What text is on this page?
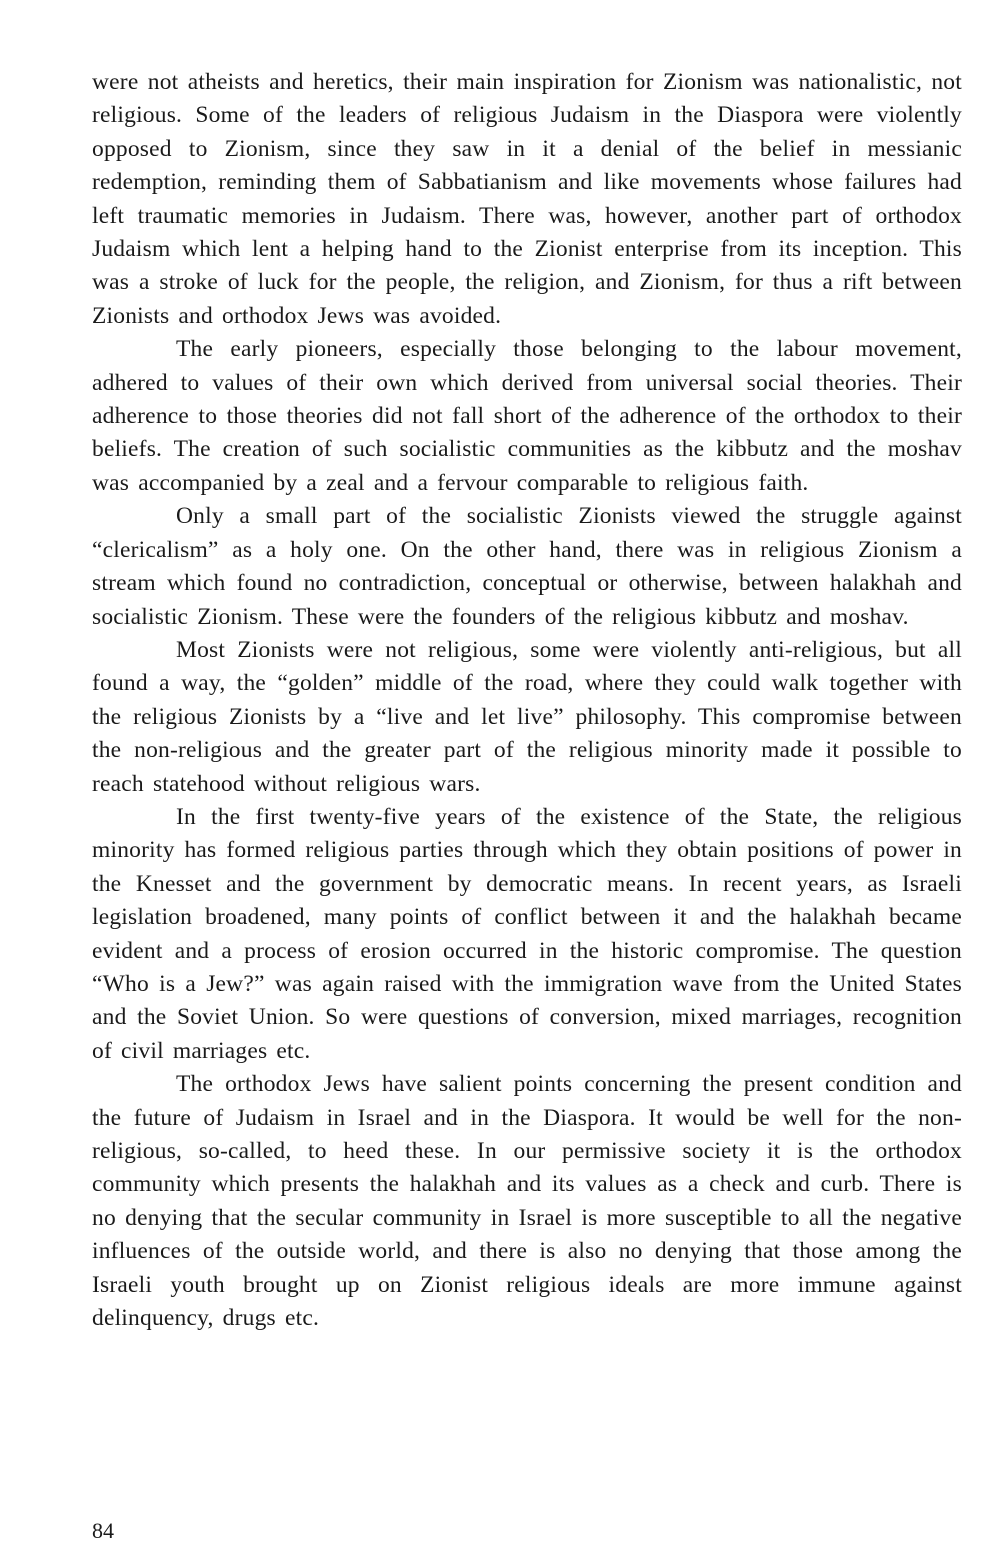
were not atheists and heretics, their main inspiration for Zionism was nationalistic, not religious. Some of the leaders of religious Judaism in the Diaspora were violently opposed to Zionism, since they saw in it a denial of the belief in messianic redemption, reminding them of Sabbatianism and like movements whose failures had left traumatic memories in Judaism. There was, however, another part of orthodox Judaism which lent a helping hand to the Zionist enterprise from its inception. This was a stroke of luck for the people, the religion, and Zionism, for thus a rift between Zionists and orthodox Jews was avoided.

The early pioneers, especially those belonging to the labour movement, adhered to values of their own which derived from universal social theories. Their adherence to those theories did not fall short of the adherence of the orthodox to their beliefs. The creation of such socialistic communities as the kibbutz and the moshav was accompanied by a zeal and a fervour comparable to religious faith.

Only a small part of the socialistic Zionists viewed the struggle against “clericalism” as a holy one. On the other hand, there was in religious Zionism a stream which found no contradiction, conceptual or otherwise, between halakhah and socialistic Zionism. These were the founders of the religious kibbutz and moshav.

Most Zionists were not religious, some were violently anti-religious, but all found a way, the “golden” middle of the road, where they could walk together with the religious Zionists by a “live and let live” philosophy. This compromise between the non-religious and the greater part of the religious minority made it possible to reach statehood without religious wars.

In the first twenty-five years of the existence of the State, the religious minority has formed religious parties through which they obtain positions of power in the Knesset and the government by democratic means. In recent years, as Israeli legislation broadened, many points of conflict between it and the halakhah became evident and a process of erosion occurred in the historic compromise. The question “Who is a Jew?” was again raised with the immigration wave from the United States and the Soviet Union. So were questions of conversion, mixed marriages, recognition of civil marriages etc.

The orthodox Jews have salient points concerning the present condition and the future of Judaism in Israel and in the Diaspora. It would be well for the non-religious, so-called, to heed these. In our permissive society it is the orthodox community which presents the halakhah and its values as a check and curb. There is no denying that the secular community in Israel is more susceptible to all the negative influences of the outside world, and there is also no denying that those among the Israeli youth brought up on Zionist religious ideals are more immune against delinquency, drugs etc.

84
